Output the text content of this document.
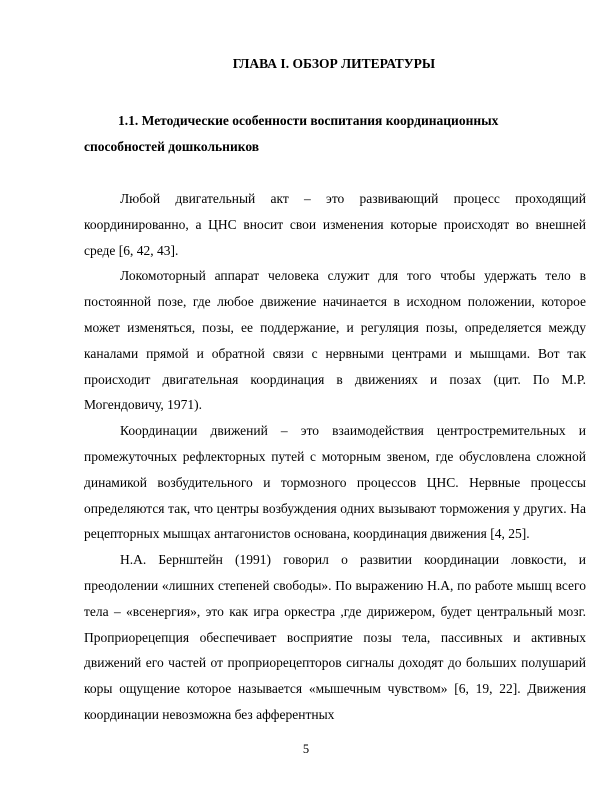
ГЛАВА I. ОБЗОР ЛИТЕРАТУРЫ
1.1. Методические особенности воспитания координационных способностей дошкольников

Любой двигательный акт – это развивающий процесс проходящий координированно, а ЦНС вносит свои изменения которые происходят во внешней среде [6, 42, 43].

Локомоторный аппарат человека служит для того чтобы удержать тело в постоянной позе, где любое движение начинается в исходном положении, которое может изменяться, позы, ее поддержание, и регуляция позы, определяется между каналами прямой и обратной связи с нервными центрами и мышцами. Вот так происходит двигательная координация в движениях и позах (цит. По М.Р. Могендовичу, 1971).

Координации движений – это взаимодействия центростремительных и промежуточных рефлекторных путей с моторным звеном, где обусловлена сложной динамикой возбудительного и тормозного процессов ЦНС. Нервные процессы определяются так, что центры возбуждения одних вызывают торможения у других. На рецепторных мышцах антагонистов основана, координация движения [4, 25].

Н.А. Бернштейн (1991) говорил о развитии координации ловкости, и преодолении «лишних степеней свободы». По выражению Н.А, по работе мышц всего тела – «всенергия», это как игра оркестра ,где дирижером, будет центральный мозг. Проприорецепция обеспечивает восприятие позы тела, пассивных и активных движений его частей от проприорецепторов сигналы доходят до больших полушарий коры ощущение которое называется «мышечным чувством» [6, 19, 22]. Движения координации невозможна без афферентных

5
